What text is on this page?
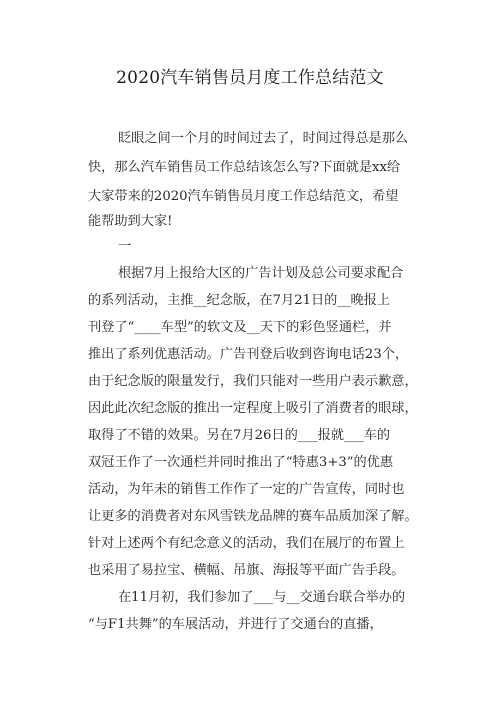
2020汽车销售员月度工作总结范文
眨眼之间一个月的时间过去了，时间过得总是那么
快，那么汽车销售员工作总结该怎么写?下面就是xx给
大家带来的2020汽车销售员月度工作总结范文，希望
能帮助到大家!
一
根据7月上报给大区的广告计划及总公司要求配合
的系列活动，主推__纪念版，在7月21日的__晚报上
刊登了“____车型”的软文及__天下的彩色竖通栏，并
推出了系列优惠活动。广告刊登后收到咨询电话23个，
由于纪念版的限量发行，我们只能对一些用户表示歉意，
因此此次纪念版的推出一定程度上吸引了消费者的眼球，
取得了不错的效果。另在7月26日的___报就___车的
双冠王作了一次通栏并同时推出了“特惠3+3”的优惠
活动，为年未的销售工作作了一定的广告宣传，同时也
让更多的消费者对东风雪铁龙品牌的赛车品质加深了解。
针对上述两个有纪念意义的活动，我们在展厅的布置上
也采用了易拉宝、横幅、吊旗、海报等平面广告手段。
在11月初，我们参加了___与__交通台联合举办的
“与F1共舞”的车展活动，并进行了交通台的直播，
